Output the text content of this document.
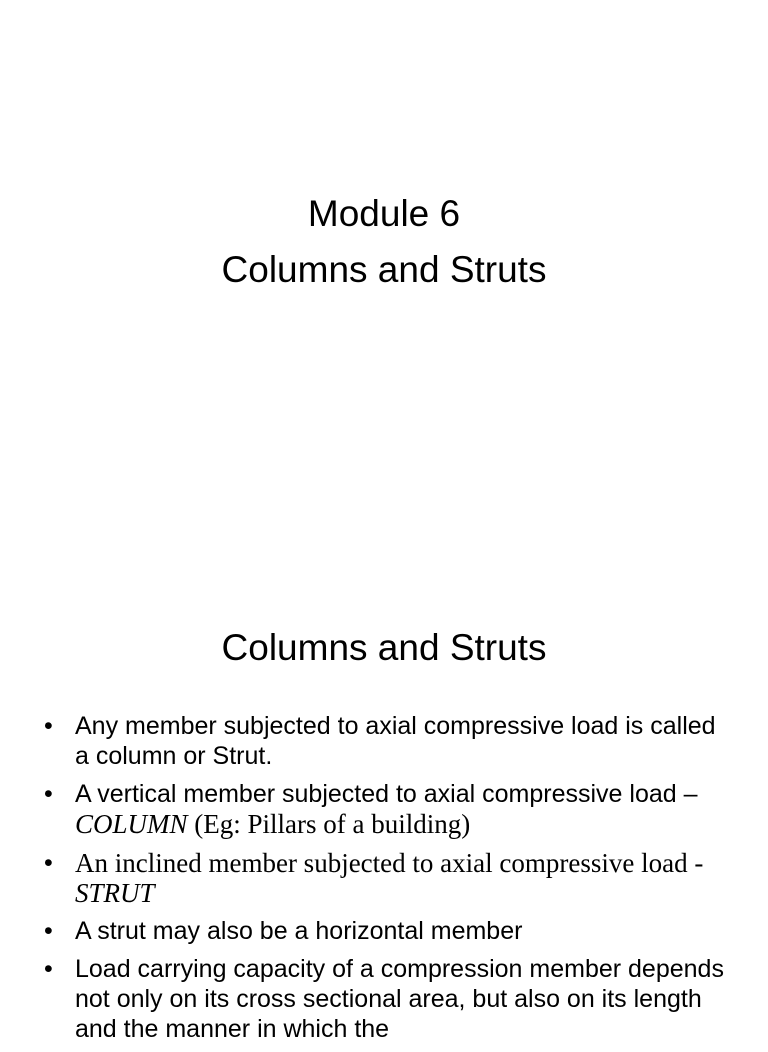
Module 6
Columns and Struts
Columns and Struts
• Any member subjected to axial compressive load is called a column or Strut.
• A vertical member subjected to axial compressive load – COLUMN (Eg: Pillars of a building)
• An inclined member subjected to axial compressive load - STRUT
• A strut may also be a horizontal member
• Load carrying capacity of a compression member depends not only on its cross sectional area, but also on its length and the manner in which the
